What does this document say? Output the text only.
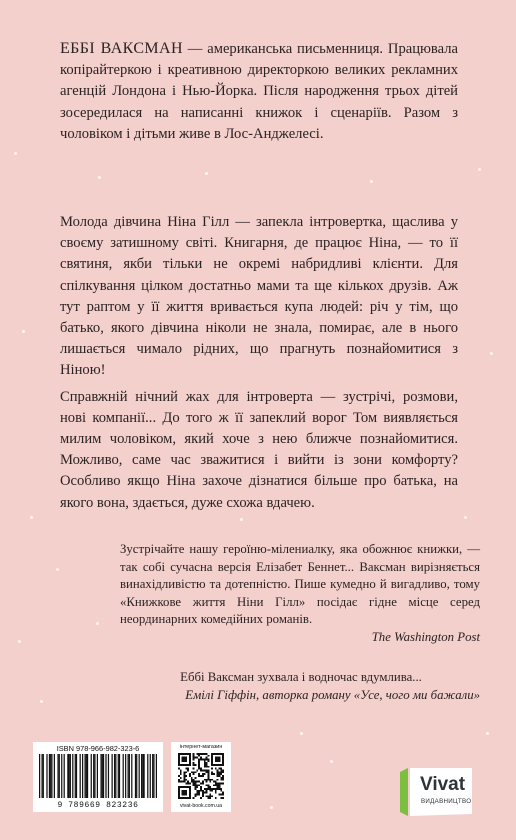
ЕББІ ВАКСМАН — американська письменниця. Працювала копірайтеркою і креативною директоркою великих рекламних агенцій Лондона і Нью-Йорка. Після народження трьох дітей зосередилася на написанні книжок і сценаріїв. Разом з чоловіком і дітьми живе в Лос-Анджелесі.

Молода дівчина Ніна Гілл — запекла інтровертка, щаслива у своєму затишному світі. Книгарня, де працює Ніна, — то її святиня, якби тільки не окремі набридливі клієнти. Для спілкування цілком достатньо мами та ще кількох друзів. Аж тут раптом у її життя вривається купа людей: річ у тім, що батько, якого дівчина ніколи не знала, помирає, але в нього лишається чимало рідних, що прагнуть познайомитися з Ніною!

Справжній нічний жах для інтроверта — зустрічі, розмови, нові компанії... До того ж її запеклий ворог Том виявляється милим чоловіком, який хоче з нею ближче познайомитися. Можливо, саме час зважитися і вийти із зони комфорту? Особливо якщо Ніна захоче дізнатися більше про батька, на якого вона, здається, дуже схожа вдачею.

Зустрічайте нашу героїню-мілениалку, яка обожнює книжки, — так собі сучасна версія Елізабет Беннет... Ваксман вирізняється винахідливістю та дотепністю. Пише кумедно й вигадливо, тому «Книжкове життя Ніни Гілл» посідає гідне місце серед неординарних комедійних романів.
The Washington Post
Еббі Ваксман зухвала і водночас вдумлива...
Емілі Гіффін, авторка роману «Усе, чого ми бажали»
ISBN 978-966-982-323-6
9 789669 823236
інтернет-магазин
vivat-book.com.ua
Vivat
ВИДАВНИЦТВО
